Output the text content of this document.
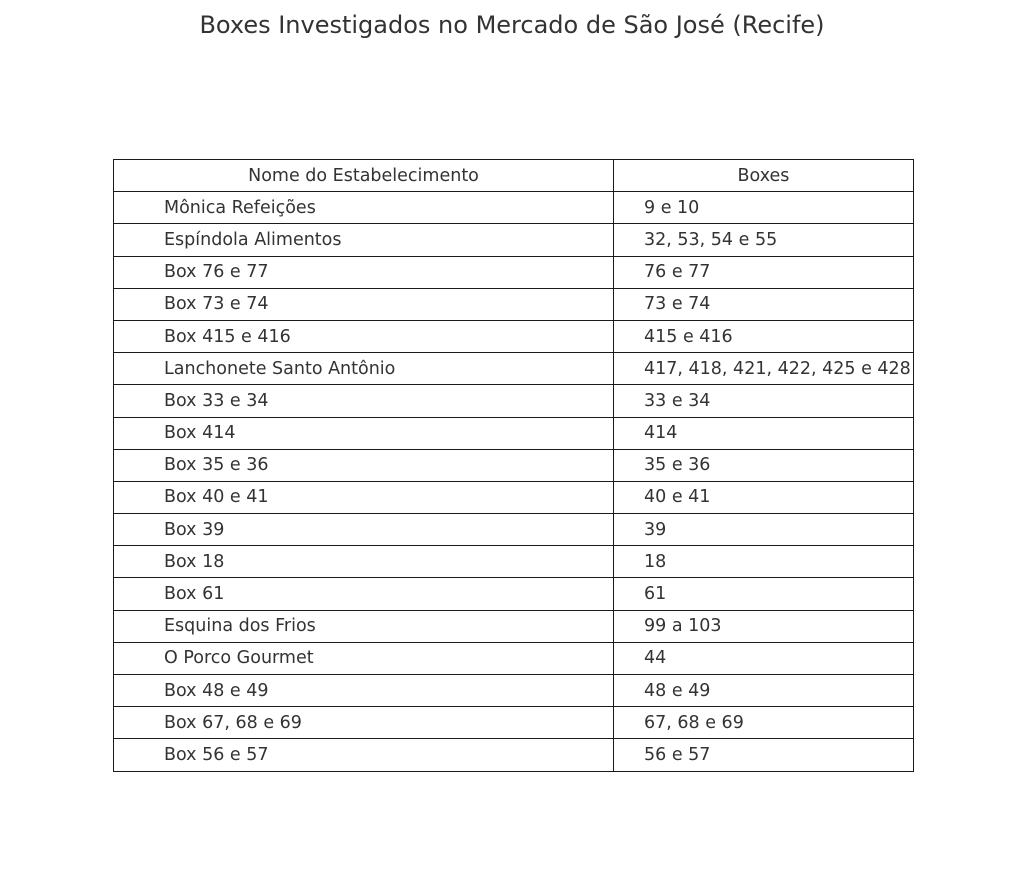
Boxes Investigados no Mercado de São José (Recife)
Nome do Estabelecimento	Boxes
Mônica Refeições	9 e 10
Espíndola Alimentos	32, 53, 54 e 55
Box 76 e 77	76 e 77
Box 73 e 74	73 e 74
Box 415 e 416	415 e 416
Lanchonete Santo Antônio	417, 418, 421, 422, 425 e 428
Box 33 e 34	33 e 34
Box 414	414
Box 35 e 36	35 e 36
Box 40 e 41	40 e 41
Box 39	39
Box 18	18
Box 61	61
Esquina dos Frios	99 a 103
O Porco Gourmet	44
Box 48 e 49	48 e 49
Box 67, 68 e 69	67, 68 e 69
Box 56 e 57	56 e 57
